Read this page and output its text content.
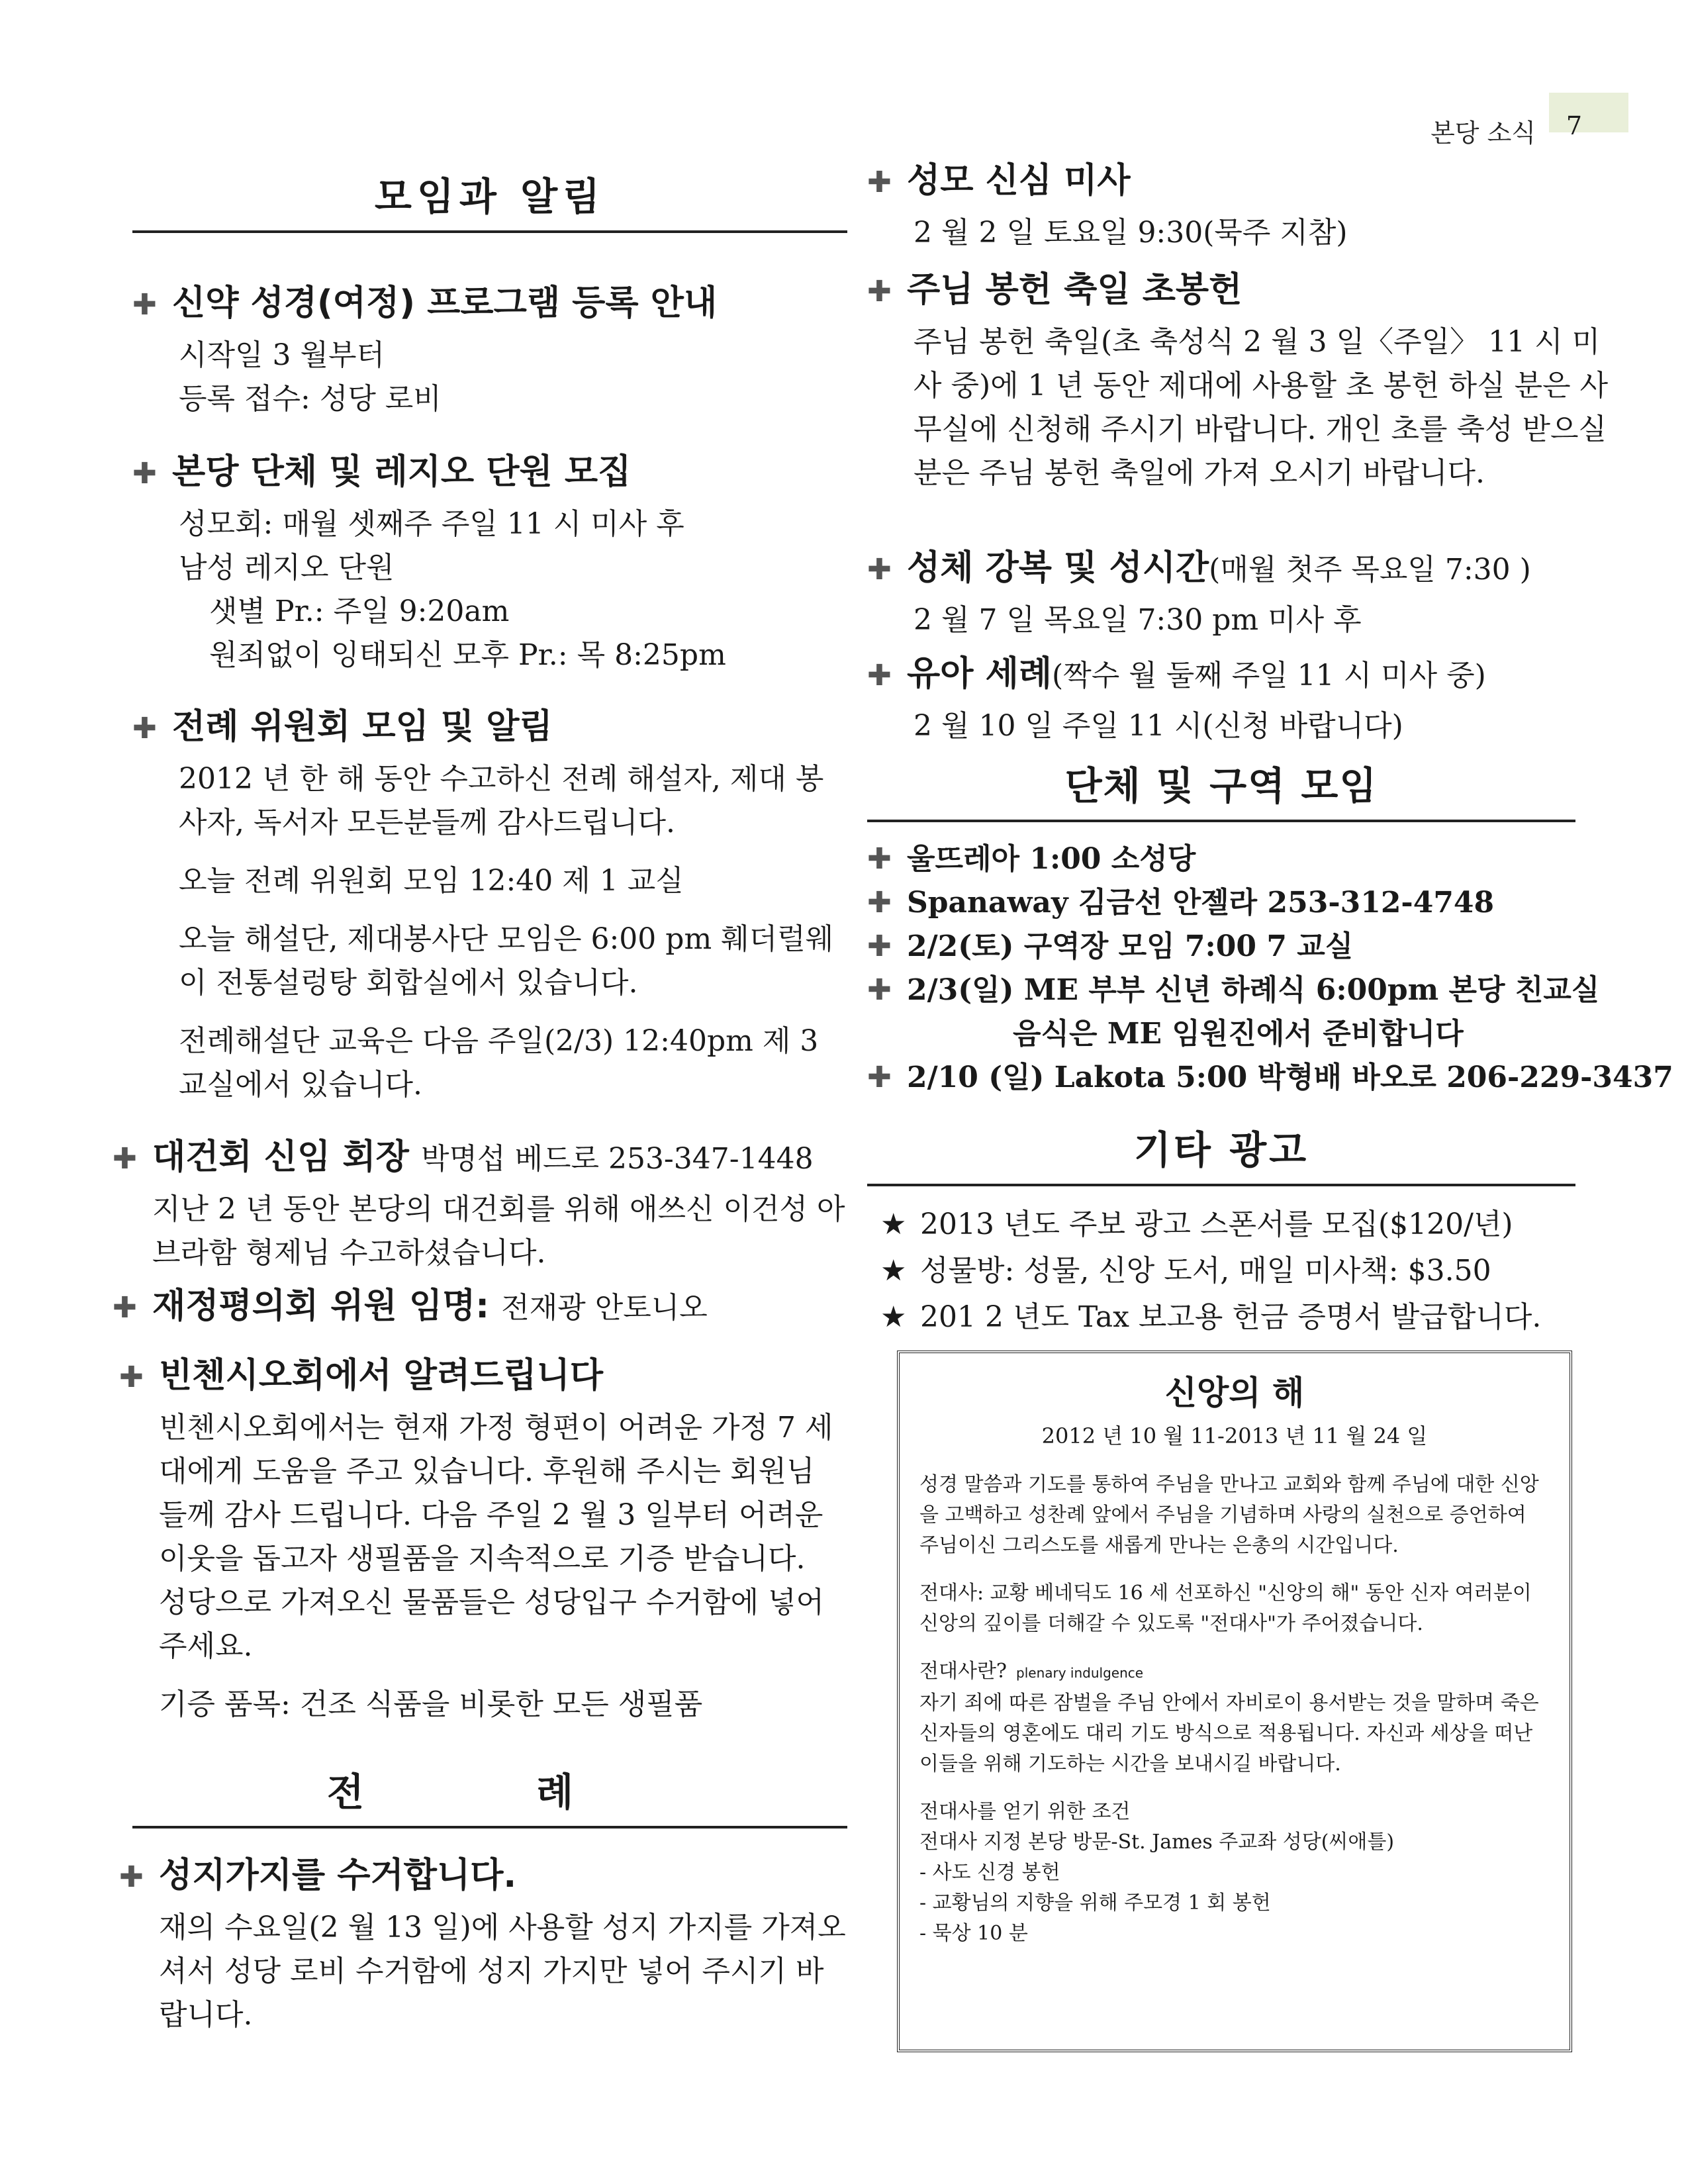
본당 소식 7
모임과 알림
✚ 신약 성경(여정) 프로그램 등록 안내
시작일 3 월부터
등록 접수: 성당 로비
✚ 본당 단체 및 레지오 단원 모집
성모회: 매월 셋째주 주일 11 시 미사 후
남성 레지오 단원
샛별 Pr.: 주일 9:20am
원죄없이 잉태되신 모후 Pr.: 목 8:25pm
✚ 전례 위원회 모임 및 알림

2012 년 한 해 동안 수고하신 전례 해설자, 제대 봉사자, 독서자 모든분들께 감사드립니다.

오늘 전례 위원회 모임 12:40 제 1 교실

오늘 해설단, 제대봉사단 모임은 6:00 pm 훼더럴웨이 전통설렁탕 회합실에서 있습니다.

전례해설단 교육은 다음 주일(2/3) 12:40pm 제 3 교실에서 있습니다.

✚ 대건회 신임 회장 박명섭 베드로 253-347-1448

지난 2 년 동안 본당의 대건회를 위해 애쓰신 이건성 아브라함 형제님 수고하셨습니다.

✚ 재정평의회 위원 임명: 전재광 안토니오
✚ 빈첸시오회에서 알려드립니다

빈첸시오회에서는 현재 가정 형편이 어려운 가정 7 세대에게 도움을 주고 있습니다. 후원해 주시는 회원님들께 감사 드립니다. 다음 주일 2 월 3 일부터 어려운 이웃을 돕고자 생필품을 지속적으로 기증 받습니다. 성당으로 가져오신 물품들은 성당입구 수거함에 넣어 주세요.

기증 품목: 건조 식품을 비롯한 모든 생필품

전 례
✚ 성지가지를 수거합니다.

재의 수요일(2 월 13 일)에 사용할 성지 가지를 가져오셔서 성당 로비 수거함에 성지 가지만 넣어 주시기 바랍니다.

✚ 성모 신심 미사
2 월 2 일 토요일 9:30(묵주 지참)
✚ 주님 봉헌 축일 초봉헌

주님 봉헌 축일(초 축성식 2 월 3 일〈주일〉 11 시 미사 중)에 1 년 동안 제대에 사용할 초 봉헌 하실 분은 사무실에 신청해 주시기 바랍니다. 개인 초를 축성 받으실 분은 주님 봉헌 축일에 가져 오시기 바랍니다.

✚ 성체 강복 및 성시간(매월 첫주 목요일 7:30 )
2 월 7 일 목요일 7:30 pm 미사 후
✚ 유아 세례(짝수 월 둘째 주일 11 시 미사 중)
2 월 10 일 주일 11 시(신청 바랍니다)
단체 및 구역 모임
✚ 울뜨레아 1:00 소성당
✚ Spanaway 김금선 안젤라 253-312-4748
✚ 2/2(토) 구역장 모임 7:00 7 교실
✚ 2/3(일) ME 부부 신년 하례식 6:00pm 본당 친교실
음식은 ME 임원진에서 준비합니다
✚ 2/10 (일) Lakota 5:00 박형배 바오로 206-229-3437
기타 광고
★ 2013 년도 주보 광고 스폰서를 모집($120/년)
★ 성물방: 성물, 신앙 도서, 매일 미사책: $3.50
★ 201 2 년도 Tax 보고용 헌금 증명서 발급합니다.
신앙의 해
2012 년 10 월 11-2013 년 11 월 24 일

성경 말씀과 기도를 통하여 주님을 만나고 교회와 함께 주님에 대한 신앙을 고백하고 성찬례 앞에서 주님을 기념하며 사랑의 실천으로 증언하여 주님이신 그리스도를 새롭게 만나는 은총의 시간입니다.

전대사: 교황 베네딕도 16 세 선포하신 "신앙의 해" 동안 신자 여러분이 신앙의 깊이를 더해갈 수 있도록 "전대사"가 주어졌습니다.

전대사란? plenary indulgence

자기 죄에 따른 잠벌을 주님 안에서 자비로이 용서받는 것을 말하며 죽은 신자들의 영혼에도 대리 기도 방식으로 적용됩니다. 자신과 세상을 떠난 이들을 위해 기도하는 시간을 보내시길 바랍니다.

전대사를 얻기 위한 조건
전대사 지정 본당 방문-St. James 주교좌 성당(씨애틀)
- 사도 신경 봉헌
- 교황님의 지향을 위해 주모경 1 회 봉헌
- 묵상 10 분
